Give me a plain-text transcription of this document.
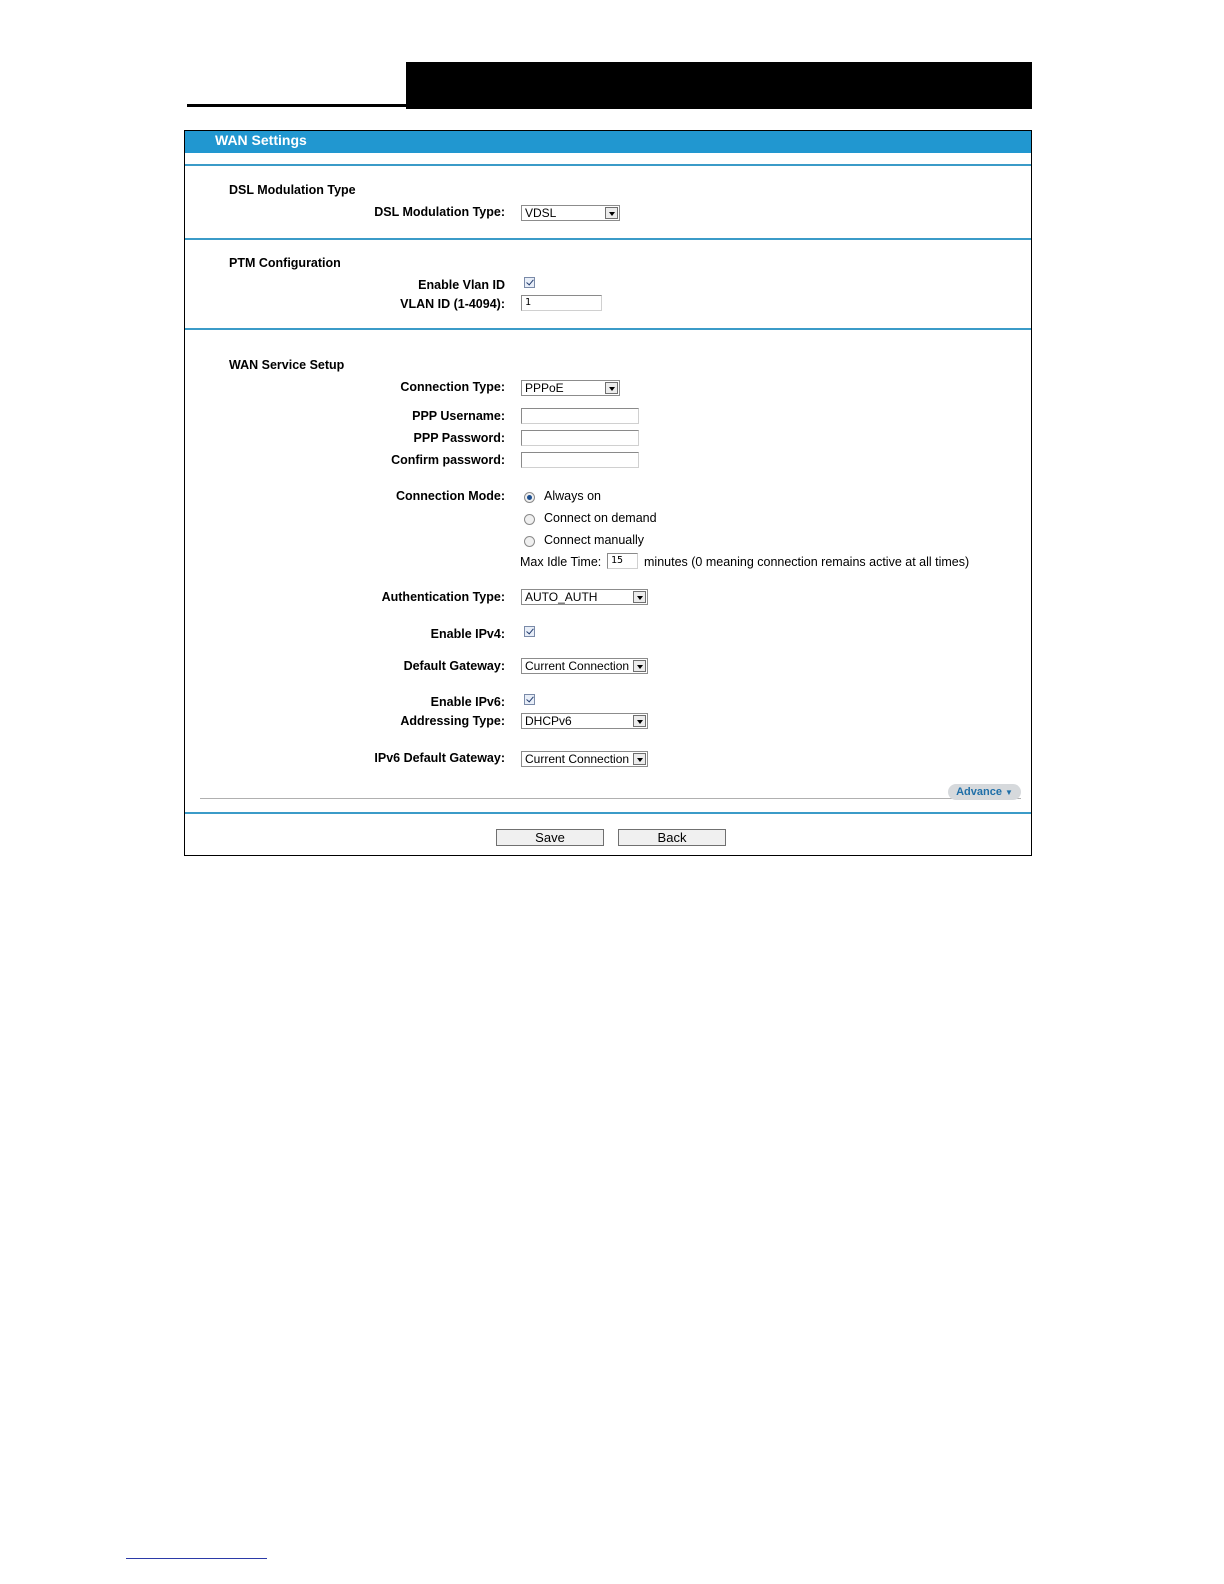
WAN Settings
DSL Modulation Type
DSL Modulation Type: VDSL
PTM Configuration
Enable Vlan ID
VLAN ID (1-4094): 1
WAN Service Setup
Connection Type: PPPoE
PPP Username:
PPP Password:
Confirm password:
Connection Mode:	Always on
Connect on demand
Connect manually
Max Idle Time: 15 minutes (0 meaning connection remains active at all times)
Authentication Type: AUTO_AUTH
Enable IPv4:
Default Gateway: Current Connection
Enable IPv6:
Addressing Type: DHCPv6
IPv6 Default Gateway: Current Connection
Advance ▼
Save	Back
